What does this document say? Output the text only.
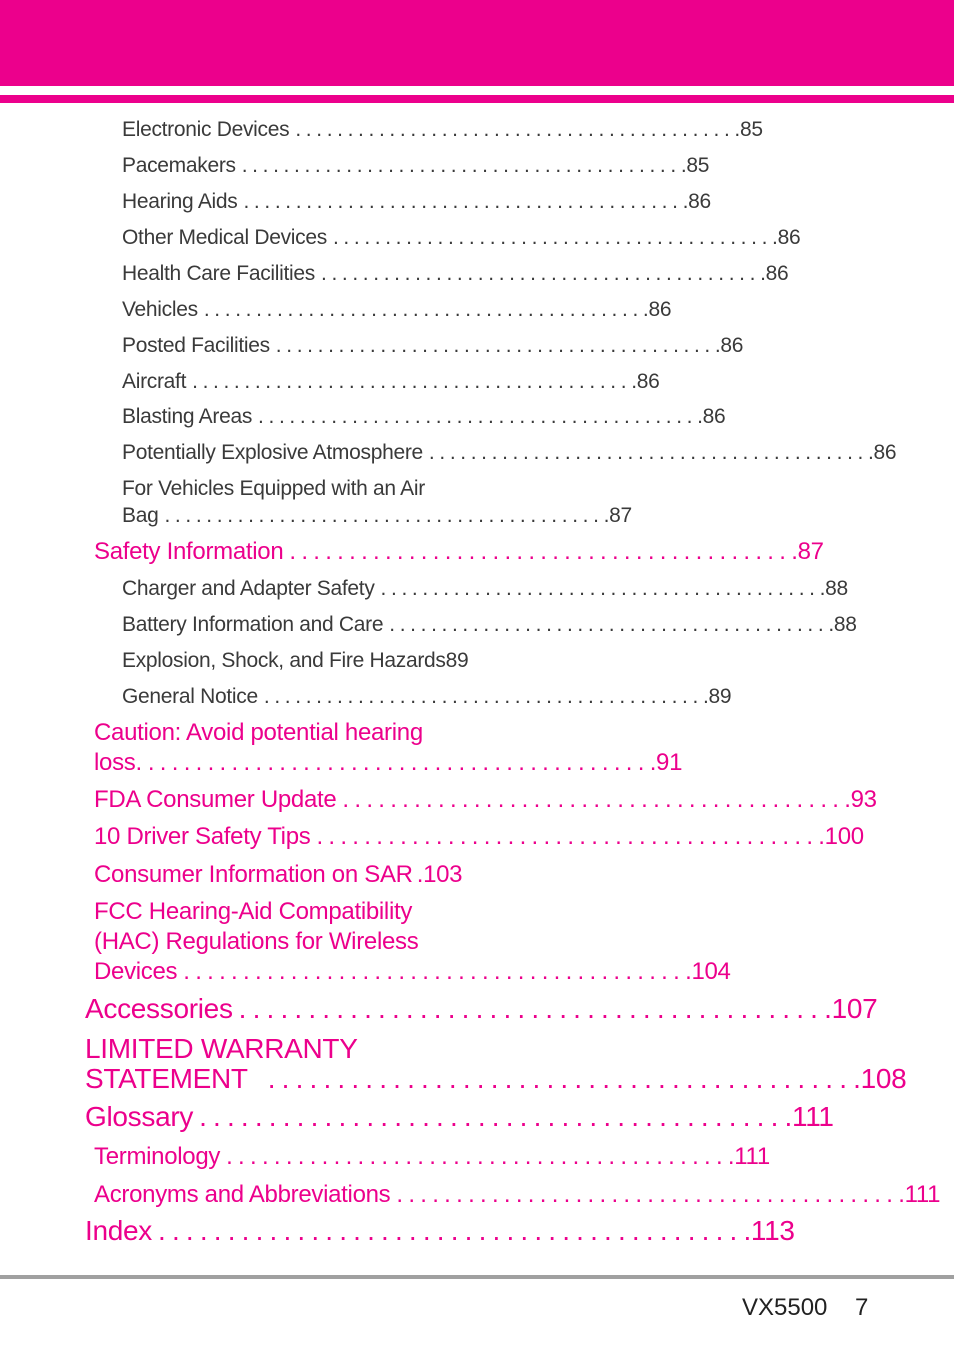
Electronic Devices .......................................... .85
Pacemakers .......................................... .85
Hearing Aids .......................................... .86
Other Medical Devices .......................................... .86
Health Care Facilities .......................................... .86
Vehicles .......................................... .86
Posted Facilities .......................................... .86
Aircraft .......................................... .86
Blasting Areas .......................................... .86
Potentially Explosive Atmosphere .......................................... .86
For Vehicles Equipped with an Air
Bag .......................................... .87
Safety Information .......................................... .87
Charger and Adapter Safety .......................................... .88
Battery Information and Care .......................................... .88
Explosion, Shock, and Fire Hazards 89
General Notice .......................................... .89
Caution: Avoid potential hearing
loss. .......................................... .91
FDA Consumer Update .......................................... .93
10 Driver Safety Tips .......................................... .100
Consumer Information on SAR .103
FCC Hearing-Aid Compatibility
(HAC) Regulations for Wireless
Devices .......................................... .104
Accessories .......................................... .107
LIMITED WARRANTY
STATEMENT .......................................... .108
Glossary .......................................... .111
Terminology .......................................... .111
Acronyms and Abbreviations .......................................... .111
Index .......................................... .113
VX5500 7
